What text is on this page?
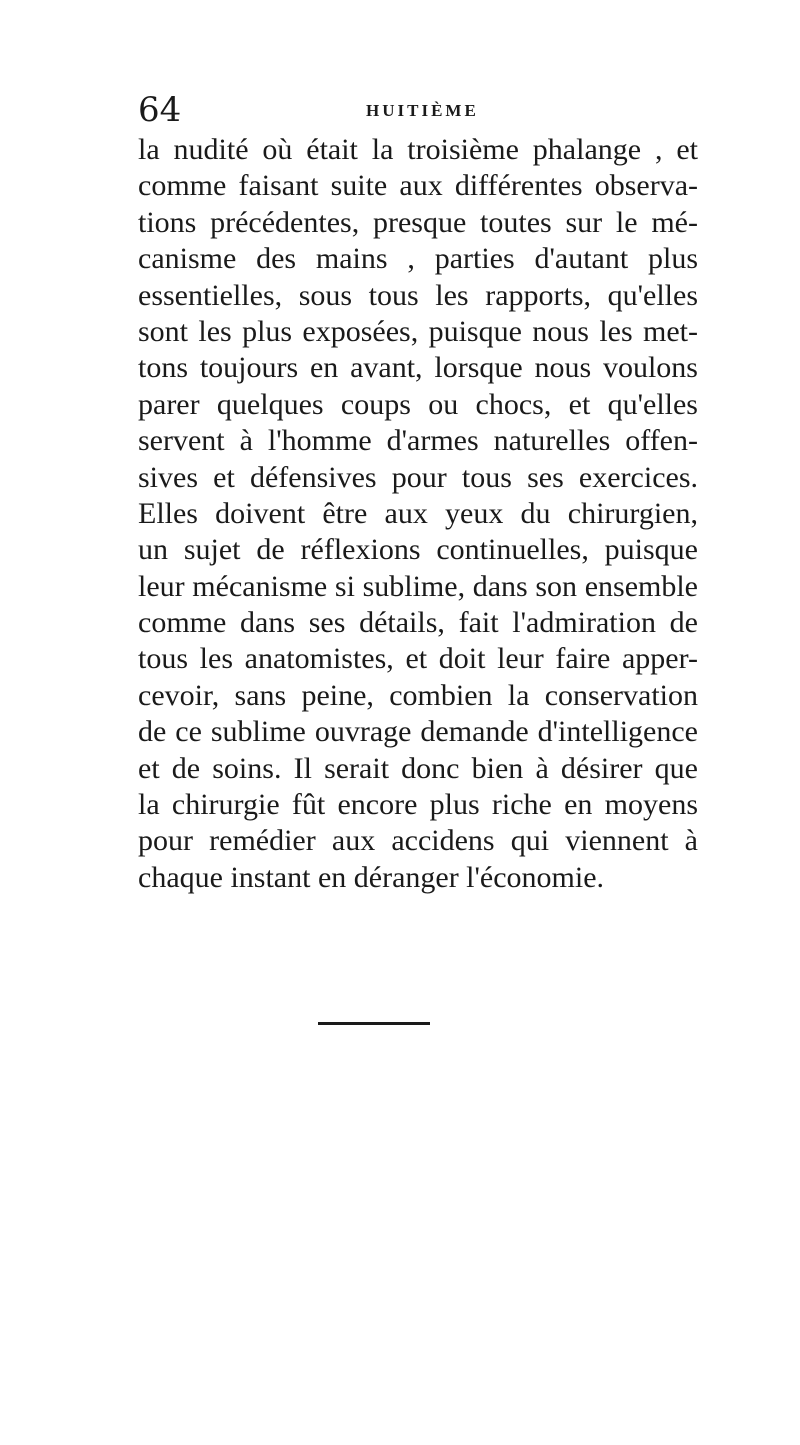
64	HUITIÈME
la nudité où était la troisième phalange , et
comme faisant suite aux différentes observa-
tions précédentes, presque toutes sur le mé-
canisme des mains , parties d'autant plus
essentielles, sous tous les rapports, qu'elles
sont les plus exposées, puisque nous les met-
tons toujours en avant, lorsque nous voulons
parer quelques coups ou chocs, et qu'elles
servent à l'homme d'armes naturelles offen-
sives et défensives pour tous ses exercices.
Elles doivent être aux yeux du chirurgien,
un sujet de réflexions continuelles, puisque
leur mécanisme si sublime, dans son ensemble
comme dans ses détails, fait l'admiration de
tous les anatomistes, et doit leur faire apper-
cevoir, sans peine, combien la conservation
de ce sublime ouvrage demande d'intelligence
et de soins. Il serait donc bien à désirer que
la chirurgie fût encore plus riche en moyens
pour remédier aux accidens qui viennent à
chaque instant en déranger l'économie.
